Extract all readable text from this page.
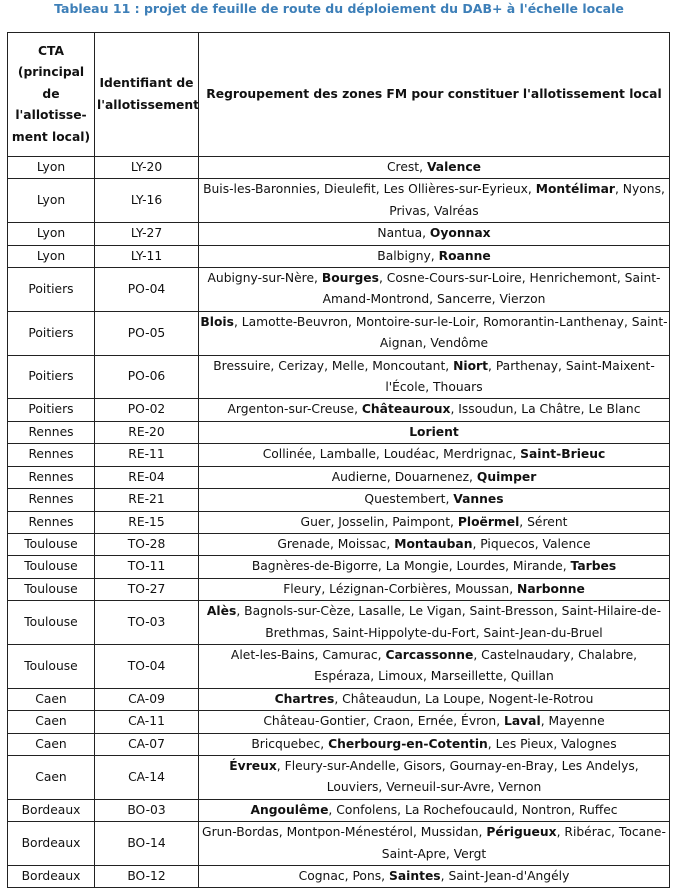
Tableau 11 : projet de feuille de route du déploiement du DAB+ à l'échelle locale
CTA (principal de l'allotisse-ment local)	Identifiant de l'allotissement	Regroupement des zones FM pour constituer l'allotissement local
Lyon	LY-20	Crest, Valence
Lyon	LY-16	Buis-les-Baronnies, Dieulefit, Les Ollières-sur-Eyrieux, Montélimar, Nyons, Privas, Valréas
Lyon	LY-27	Nantua, Oyonnax
Lyon	LY-11	Balbigny, Roanne
Poitiers	PO-04	Aubigny-sur-Nère, Bourges, Cosne-Cours-sur-Loire, Henrichemont, Saint-Amand-Montrond, Sancerre, Vierzon
Poitiers	PO-05	Blois, Lamotte-Beuvron, Montoire-sur-le-Loir, Romorantin-Lanthenay, Saint-Aignan, Vendôme
Poitiers	PO-06	Bressuire, Cerizay, Melle, Moncoutant, Niort, Parthenay, Saint-Maixent-l'École, Thouars
Poitiers	PO-02	Argenton-sur-Creuse, Châteauroux, Issoudun, La Châtre, Le Blanc
Rennes	RE-20	Lorient
Rennes	RE-11	Collinée, Lamballe, Loudéac, Merdrignac, Saint-Brieuc
Rennes	RE-04	Audierne, Douarnenez, Quimper
Rennes	RE-21	Questembert, Vannes
Rennes	RE-15	Guer, Josselin, Paimpont, Ploërmel, Sérent
Toulouse	TO-28	Grenade, Moissac, Montauban, Piquecos, Valence
Toulouse	TO-11	Bagnères-de-Bigorre, La Mongie, Lourdes, Mirande, Tarbes
Toulouse	TO-27	Fleury, Lézignan-Corbières, Moussan, Narbonne
Toulouse	TO-03	Alès, Bagnols-sur-Cèze, Lasalle, Le Vigan, Saint-Bresson, Saint-Hilaire-de-Brethmas, Saint-Hippolyte-du-Fort, Saint-Jean-du-Bruel
Toulouse	TO-04	Alet-les-Bains, Camurac, Carcassonne, Castelnaudary, Chalabre, Espéraza, Limoux, Marseillette, Quillan
Caen	CA-09	Chartres, Châteaudun, La Loupe, Nogent-le-Rotrou
Caen	CA-11	Château-Gontier, Craon, Ernée, Évron, Laval, Mayenne
Caen	CA-07	Bricquebec, Cherbourg-en-Cotentin, Les Pieux, Valognes
Caen	CA-14	Évreux, Fleury-sur-Andelle, Gisors, Gournay-en-Bray, Les Andelys, Louviers, Verneuil-sur-Avre, Vernon
Bordeaux	BO-03	Angoulême, Confolens, La Rochefoucauld, Nontron, Ruffec
Bordeaux	BO-14	Grun-Bordas, Montpon-Ménestérol, Mussidan, Périgueux, Ribérac, Tocane-Saint-Apre, Vergt
Bordeaux	BO-12	Cognac, Pons, Saintes, Saint-Jean-d'Angély
